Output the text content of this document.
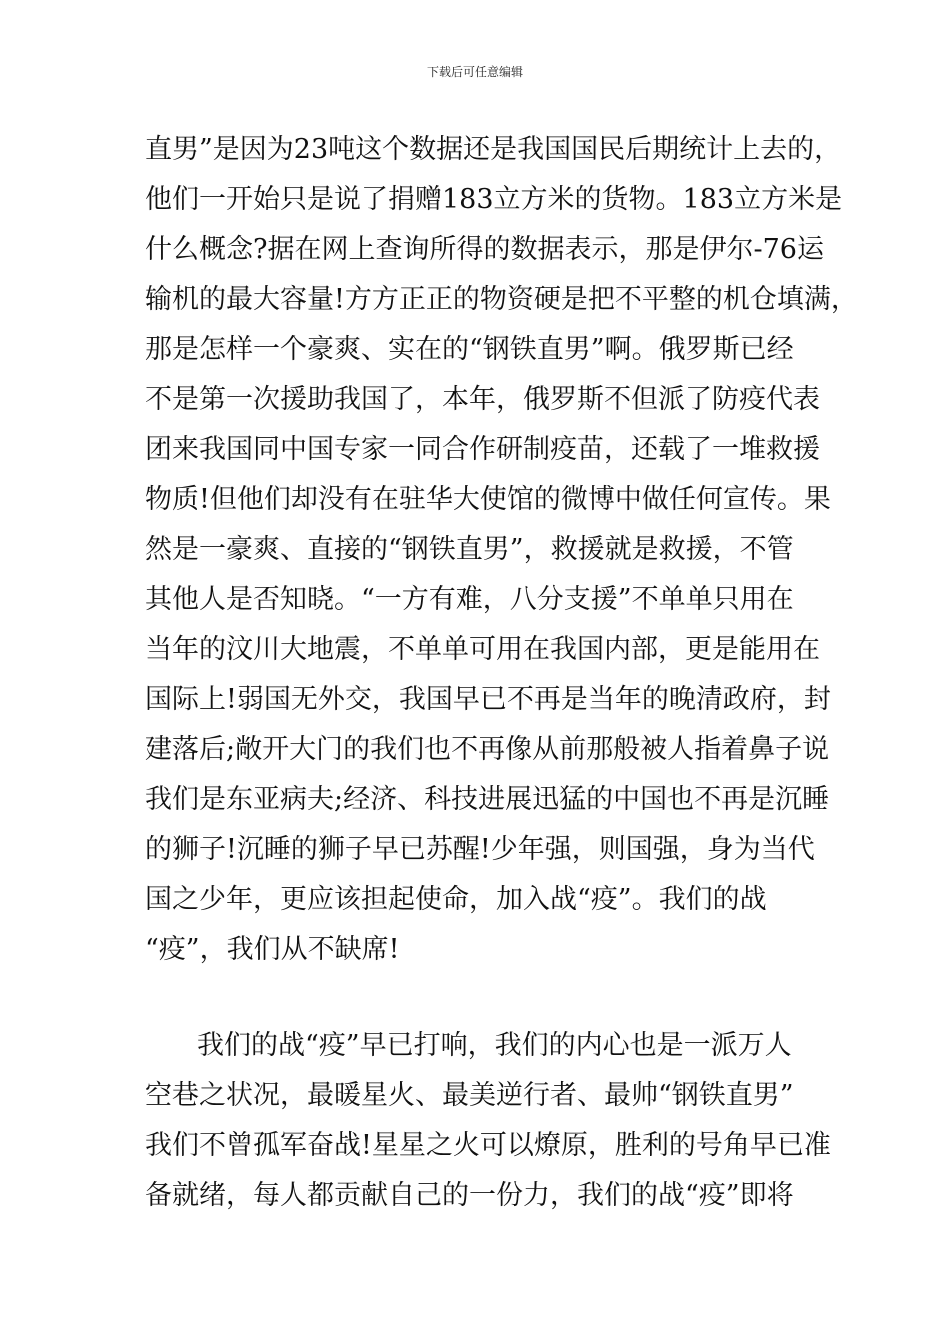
下载后可任意编辑
直男”是因为23吨这个数据还是我国国民后期统计上去的，
他们一开始只是说了捐赠183立方米的货物。183立方米是
什么概念?据在网上查询所得的数据表示，那是伊尔-76运
输机的最大容量!方方正正的物资硬是把不平整的机仓填满，
那是怎样一个豪爽、实在的“钢铁直男”啊。俄罗斯已经
不是第一次援助我国了，本年，俄罗斯不但派了防疫代表
团来我国同中国专家一同合作研制疫苗，还载了一堆救援
物质!但他们却没有在驻华大使馆的微博中做任何宣传。果
然是一豪爽、直接的“钢铁直男”，救援就是救援，不管
其他人是否知晓。“一方有难，八分支援”不单单只用在
当年的汶川大地震，不单单可用在我国内部，更是能用在
国际上!弱国无外交，我国早已不再是当年的晚清政府，封
建落后;敞开大门的我们也不再像从前那般被人指着鼻子说
我们是东亚病夫;经济、科技进展迅猛的中国也不再是沉睡
的狮子!沉睡的狮子早已苏醒!少年强，则国强，身为当代
国之少年，更应该担起使命，加入战“疫”。我们的战
“疫”，我们从不缺席!
我们的战“疫”早已打响，我们的内心也是一派万人
空巷之状况，最暖星火、最美逆行者、最帅“钢铁直男”
我们不曾孤军奋战!星星之火可以燎原，胜利的号角早已准
备就绪，每人都贡献自己的一份力，我们的战“疫”即将
